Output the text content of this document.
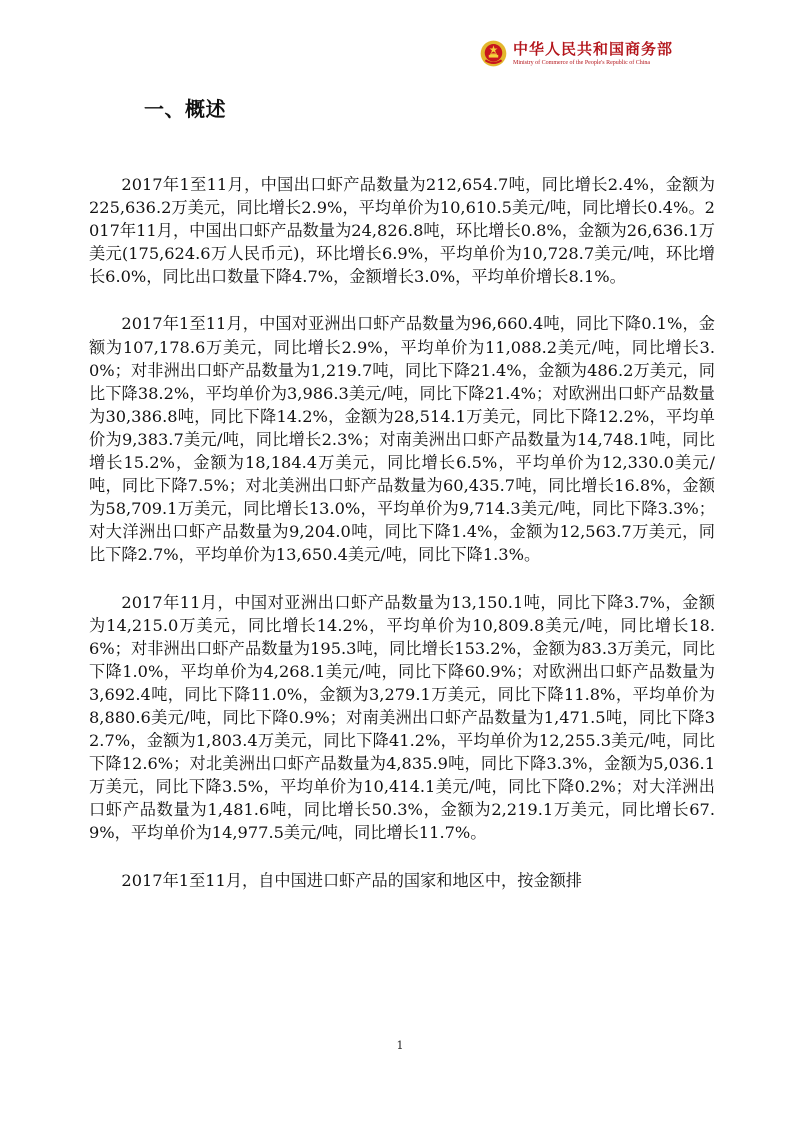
中华人民共和国商务部
Ministry of Commerce of the People's Republic of China
一、概述

2017年1至11月，中国出口虾产品数量为212,654.7吨，同比增长2.4%，金额为225,636.2万美元，同比增长2.9%，平均单价为10,610.5美元/吨，同比增长0.4%。2017年11月，中国出口虾产品数量为24,826.8吨，环比增长0.8%，金额为26,636.1万美元(175,624.6万人民币元)，环比增长6.9%，平均单价为10,728.7美元/吨，环比增长6.0%，同比出口数量下降4.7%，金额增长3.0%，平均单价增长8.1%。

2017年1至11月，中国对亚洲出口虾产品数量为96,660.4吨，同比下降0.1%，金额为107,178.6万美元，同比增长2.9%，平均单价为11,088.2美元/吨，同比增长3.0%；对非洲出口虾产品数量为1,219.7吨，同比下降21.4%，金额为486.2万美元，同比下降38.2%，平均单价为3,986.3美元/吨，同比下降21.4%；对欧洲出口虾产品数量为30,386.8吨，同比下降14.2%，金额为28,514.1万美元，同比下降12.2%，平均单价为9,383.7美元/吨，同比增长2.3%；对南美洲出口虾产品数量为14,748.1吨，同比增长15.2%，金额为18,184.4万美元，同比增长6.5%，平均单价为12,330.0美元/吨，同比下降7.5%；对北美洲出口虾产品数量为60,435.7吨，同比增长16.8%，金额为58,709.1万美元，同比增长13.0%，平均单价为9,714.3美元/吨，同比下降3.3%；对大洋洲出口虾产品数量为9,204.0吨，同比下降1.4%，金额为12,563.7万美元，同比下降2.7%，平均单价为13,650.4美元/吨，同比下降1.3%。

2017年11月，中国对亚洲出口虾产品数量为13,150.1吨，同比下降3.7%，金额为14,215.0万美元，同比增长14.2%，平均单价为10,809.8美元/吨，同比增长18.6%；对非洲出口虾产品数量为195.3吨，同比增长153.2%，金额为83.3万美元，同比下降1.0%，平均单价为4,268.1美元/吨，同比下降60.9%；对欧洲出口虾产品数量为3,692.4吨，同比下降11.0%，金额为3,279.1万美元，同比下降11.8%，平均单价为8,880.6美元/吨，同比下降0.9%；对南美洲出口虾产品数量为1,471.5吨，同比下降32.7%，金额为1,803.4万美元，同比下降41.2%，平均单价为12,255.3美元/吨，同比下降12.6%；对北美洲出口虾产品数量为4,835.9吨，同比下降3.3%，金额为5,036.1万美元，同比下降3.5%，平均单价为10,414.1美元/吨，同比下降0.2%；对大洋洲出口虾产品数量为1,481.6吨，同比增长50.3%，金额为2,219.1万美元，同比增长67.9%，平均单价为14,977.5美元/吨，同比增长11.7%。

2017年1至11月，自中国进口虾产品的国家和地区中，按金额排

1
